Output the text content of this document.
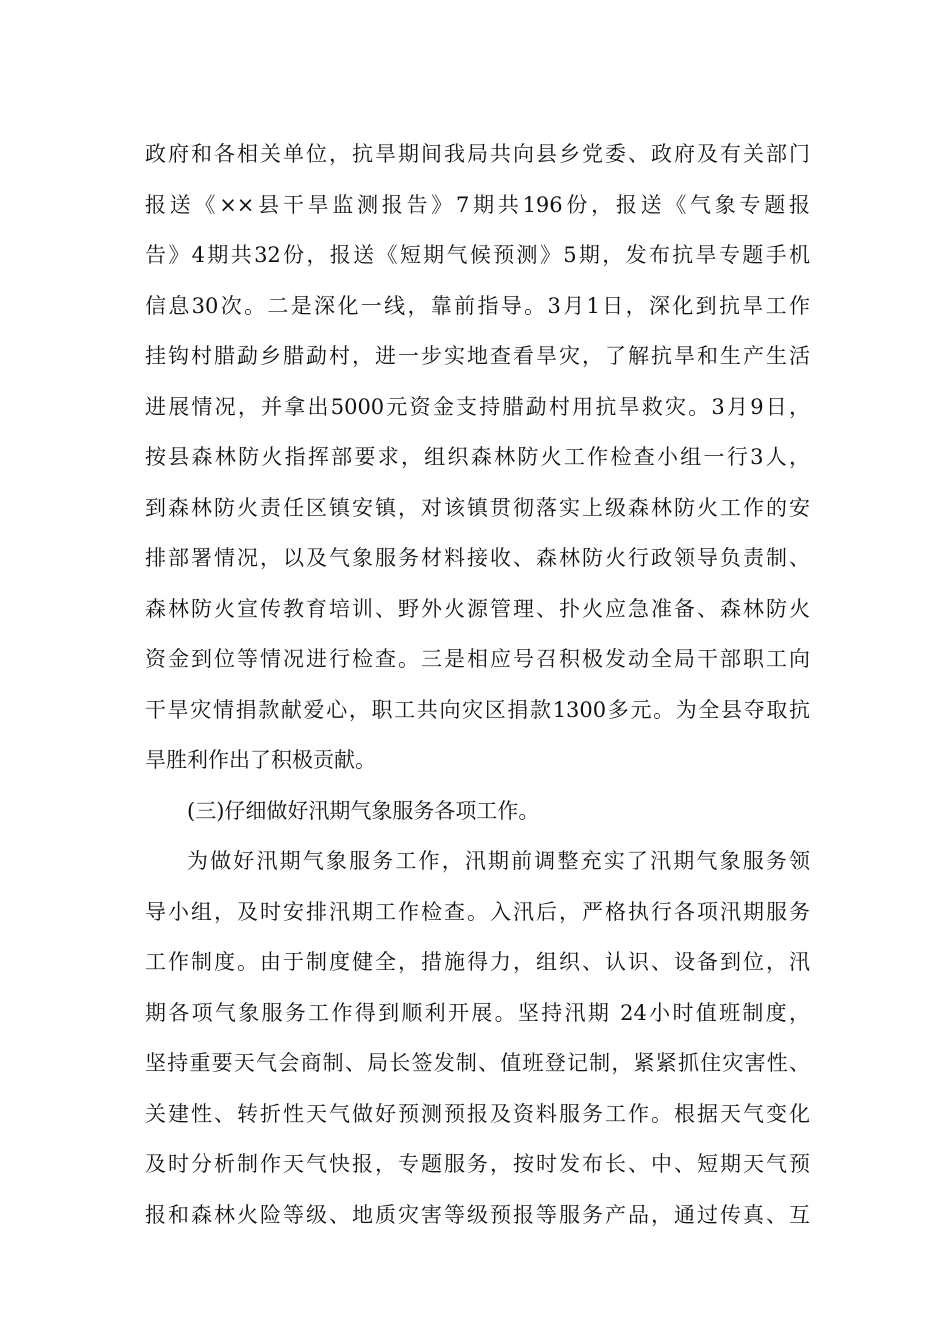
政府和各相关单位，抗旱期间我局共向县乡党委、政府及有关部门
报送《××县干旱监测报告》7期共196份，报送《气象专题报
告》4期共32份，报送《短期气候预测》5期，发布抗旱专题手机
信息30次。二是深化一线，靠前指导。3月1日，深化到抗旱工作
挂钩村腊勐乡腊勐村，进一步实地查看旱灾，了解抗旱和生产生活
进展情况，并拿出5000元资金支持腊勐村用抗旱救灾。3月9日，
按县森林防火指挥部要求，组织森林防火工作检查小组一行3人，
到森林防火责任区镇安镇，对该镇贯彻落实上级森林防火工作的安
排部署情况，以及气象服务材料接收、森林防火行政领导负责制、
森林防火宣传教育培训、野外火源管理、扑火应急准备、森林防火
资金到位等情况进行检查。三是相应号召积极发动全局干部职工向
干旱灾情捐款献爱心，职工共向灾区捐款1300多元。为全县夺取抗
旱胜利作出了积极贡献。
(三)仔细做好汛期气象服务各项工作。
为做好汛期气象服务工作，汛期前调整充实了汛期气象服务领
导小组，及时安排汛期工作检查。入汛后，严格执行各项汛期服务
工作制度。由于制度健全，措施得力，组织、认识、设备到位，汛
期各项气象服务工作得到顺利开展。坚持汛期 24小时值班制度，
坚持重要天气会商制、局长签发制、值班登记制，紧紧抓住灾害性、
关建性、转折性天气做好预测预报及资料服务工作。根据天气变化
及时分析制作天气快报，专题服务，按时发布长、中、短期天气预
报和森林火险等级、地质灾害等级预报等服务产品，通过传真、互
